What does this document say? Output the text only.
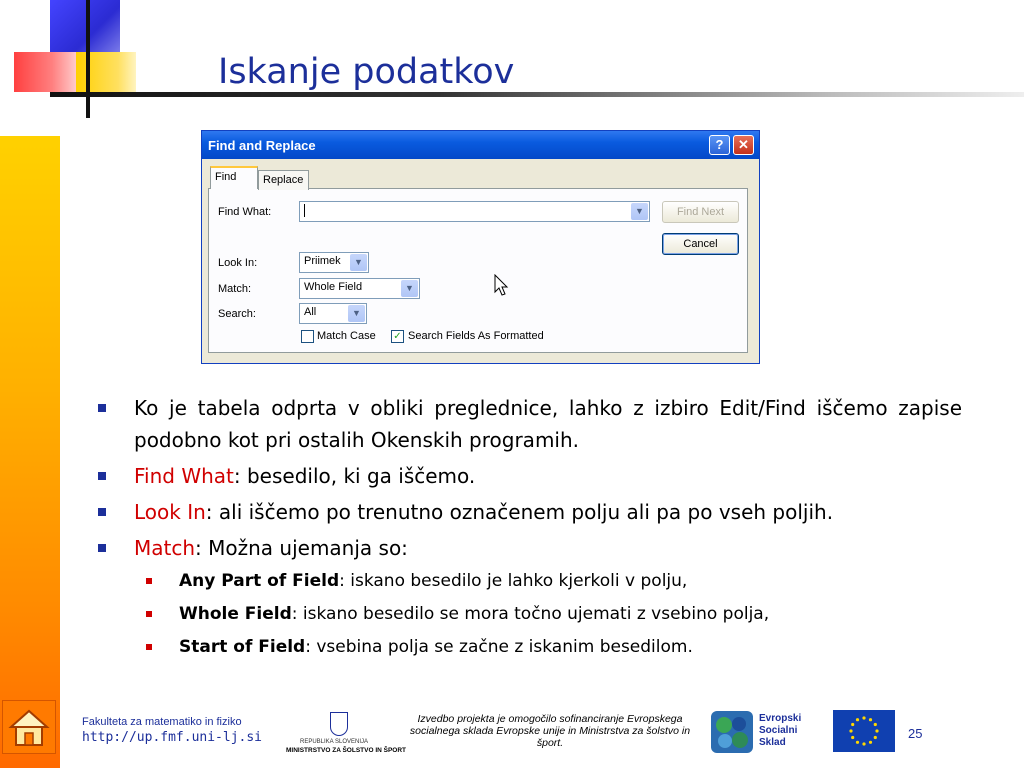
Iskanje podatkov
Find and Replace	?	✕
Find	Replace
Find What:	▼	Find Next
Cancel
Look In:	Priimek	▼
Match:	Whole Field	▼
Search:	All	▼
Match Case ✓ Search Fields As Formatted
Ko je tabela odprta v obliki preglednice, lahko z izbiro Edit/Find iščemo zapise podobno kot pri ostalih Okenskih programih.
Find What: besedilo, ki ga iščemo.
Look In: ali iščemo po trenutno označenem polju ali pa po vseh poljih.
Match: Možna ujemanja so:
Any Part of Field: iskano besedilo je lahko kjerkoli v polju,
Whole Field: iskano besedilo se mora točno ujemati z vsebino polja,
Start of Field: vsebina polja se začne z iskanim besedilom.
Fakulteta za matematiko in fiziko
http://up.fmf.uni-lj.si	REPUBLIKA SLOVENIJA
MINISTRSTVO ZA ŠOLSTVO IN ŠPORT
Izvedbo projekta je omogočilo sofinanciranje Evropskega socialnega sklada Evropske unije in Ministrstva za šolstvo in šport.
Evropski
Socialni
Sklad
25
